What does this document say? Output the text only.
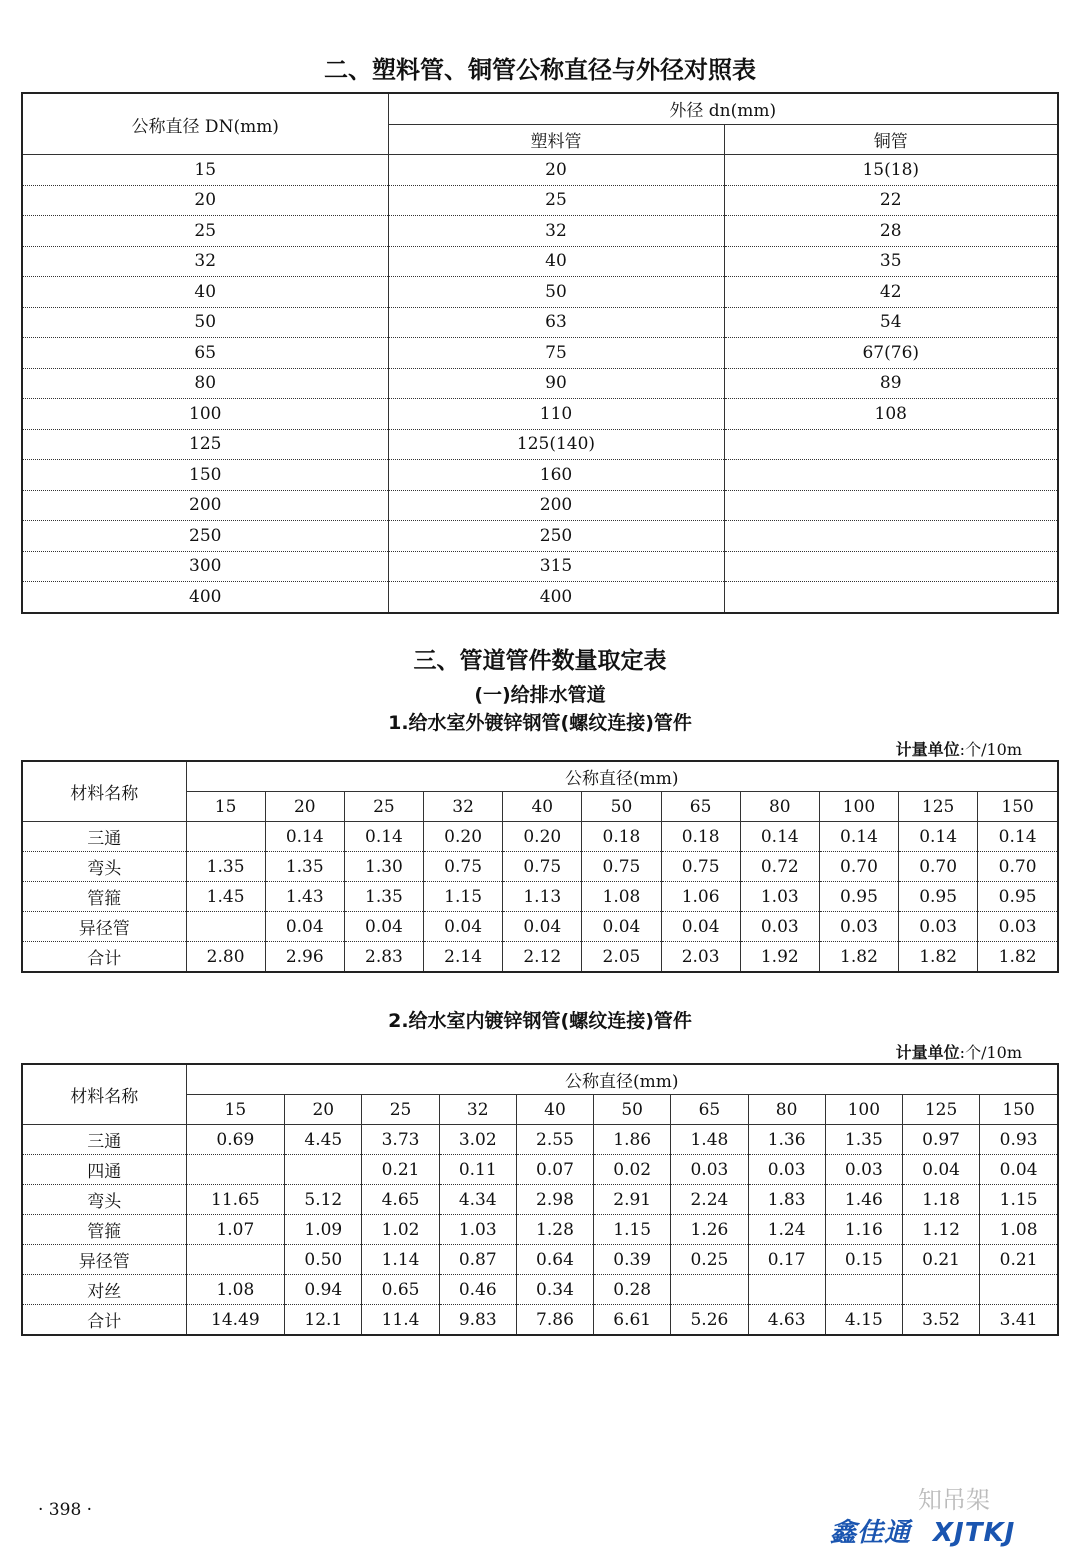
二、塑料管、铜管公称直径与外径对照表
公称直径 DN(mm)	外径 dn(mm)	
	塑料管	铜管
15	20	15(18)
20	25	22
25	32	28
32	40	35
40	50	42
50	63	54
65	75	67(76)
80	90	89
100	110	108
125	125(140)	
150	160	
200	200	
250	250	
300	315	
400	400	
三、管道管件数量取定表
(一)给排水管道
1.给水室外镀锌钢管(螺纹连接)管件
计量单位:个/10m
材料名称	公称直径(mm)										
	15	20	25	32	40	50	65	80	100	125	150
三通		0.14	0.14	0.20	0.20	0.18	0.18	0.14	0.14	0.14	0.14
弯头	1.35	1.35	1.30	0.75	0.75	0.75	0.75	0.72	0.70	0.70	0.70
管箍	1.45	1.43	1.35	1.15	1.13	1.08	1.06	1.03	0.95	0.95	0.95
异径管		0.04	0.04	0.04	0.04	0.04	0.04	0.03	0.03	0.03	0.03
合计	2.80	2.96	2.83	2.14	2.12	2.05	2.03	1.92	1.82	1.82	1.82
2.给水室内镀锌钢管(螺纹连接)管件
计量单位:个/10m
材料名称	公称直径(mm)										
	15	20	25	32	40	50	65	80	100	125	150
三通	0.69	4.45	3.73	3.02	2.55	1.86	1.48	1.36	1.35	0.97	0.93
四通			0.21	0.11	0.07	0.02	0.03	0.03	0.03	0.04	0.04
弯头	11.65	5.12	4.65	4.34	2.98	2.91	2.24	1.83	1.46	1.18	1.15
管箍	1.07	1.09	1.02	1.03	1.28	1.15	1.26	1.24	1.16	1.12	1.08
异径管		0.50	1.14	0.87	0.64	0.39	0.25	0.17	0.15	0.21	0.21
对丝	1.08	0.94	0.65	0.46	0.34	0.28					
合计	14.49	12.1	11.4	9.83	7.86	6.61	5.26	4.63	4.15	3.52	3.41
· 398 ·	知吊架
鑫佳通 XJTKJ
